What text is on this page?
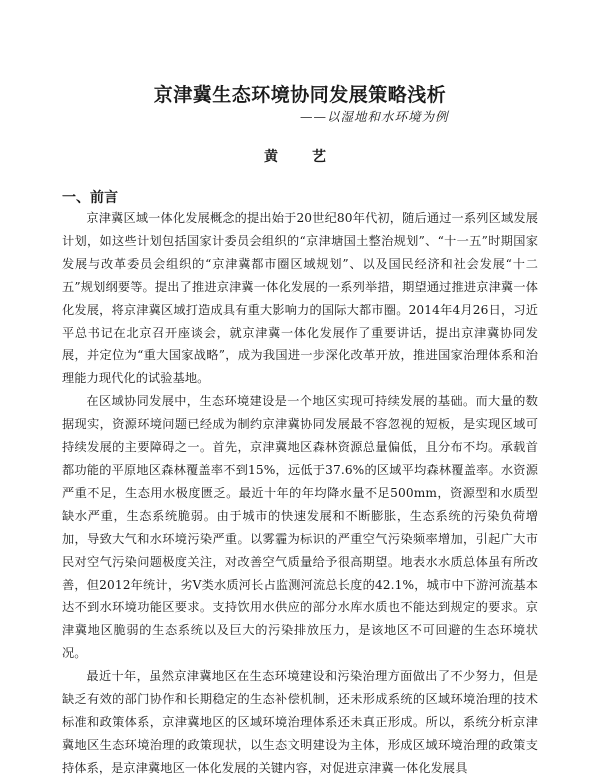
京津冀生态环境协同发展策略浅析
——以湿地和水环境为例
黄　艺
一、前言

京津冀区域一体化发展概念的提出始于20世纪80年代初，随后通过一系列区域发展计划，如这些计划包括国家计委员会组织的“京津塘国土整治规划”、“十一五”时期国家发展与改革委员会组织的“京津冀都市圈区域规划”、以及国民经济和社会发展“十二五”规划纲要等。提出了推进京津冀一体化发展的一系列举措，期望通过推进京津冀一体化发展，将京津冀区域打造成具有重大影响力的国际大都市圈。2014年4月26日，习近平总书记在北京召开座谈会，就京津冀一体化发展作了重要讲话，提出京津冀协同发展，并定位为“重大国家战略”，成为我国进一步深化改革开放，推进国家治理体系和治理能力现代化的试验基地。

在区域协同发展中，生态环境建设是一个地区实现可持续发展的基础。而大量的数据现实，资源环境问题已经成为制约京津冀协同发展最不容忽视的短板，是实现区域可持续发展的主要障碍之一。首先，京津冀地区森林资源总量偏低，且分布不均。承载首都功能的平原地区森林覆盖率不到15%，远低于37.6%的区域平均森林覆盖率。水资源严重不足，生态用水极度匮乏。最近十年的年均降水量不足500mm，资源型和水质型缺水严重，生态系统脆弱。由于城市的快速发展和不断膨胀，生态系统的污染负荷增加，导致大气和水环境污染严重。以雾霾为标识的严重空气污染频率增加，引起广大市民对空气污染问题极度关注，对改善空气质量给予很高期望。地表水水质总体虽有所改善，但2012年统计，劣V类水质河长占监测河流总长度的42.1%，城市中下游河流基本达不到水环境功能区要求。支持饮用水供应的部分水库水质也不能达到规定的要求。京津冀地区脆弱的生态系统以及巨大的污染排放压力，是该地区不可回避的生态环境状况。

最近十年，虽然京津冀地区在生态环境建设和污染治理方面做出了不少努力，但是缺乏有效的部门协作和长期稳定的生态补偿机制，还未形成系统的区域环境治理的技术标准和政策体系，京津冀地区的区域环境治理体系还未真正形成。所以，系统分析京津冀地区生态环境治理的政策现状，以生态文明建设为主体，形成区域环境治理的政策支持体系，是京津冀地区一体化发展的关键内容，对促进京津冀一体化发展具
